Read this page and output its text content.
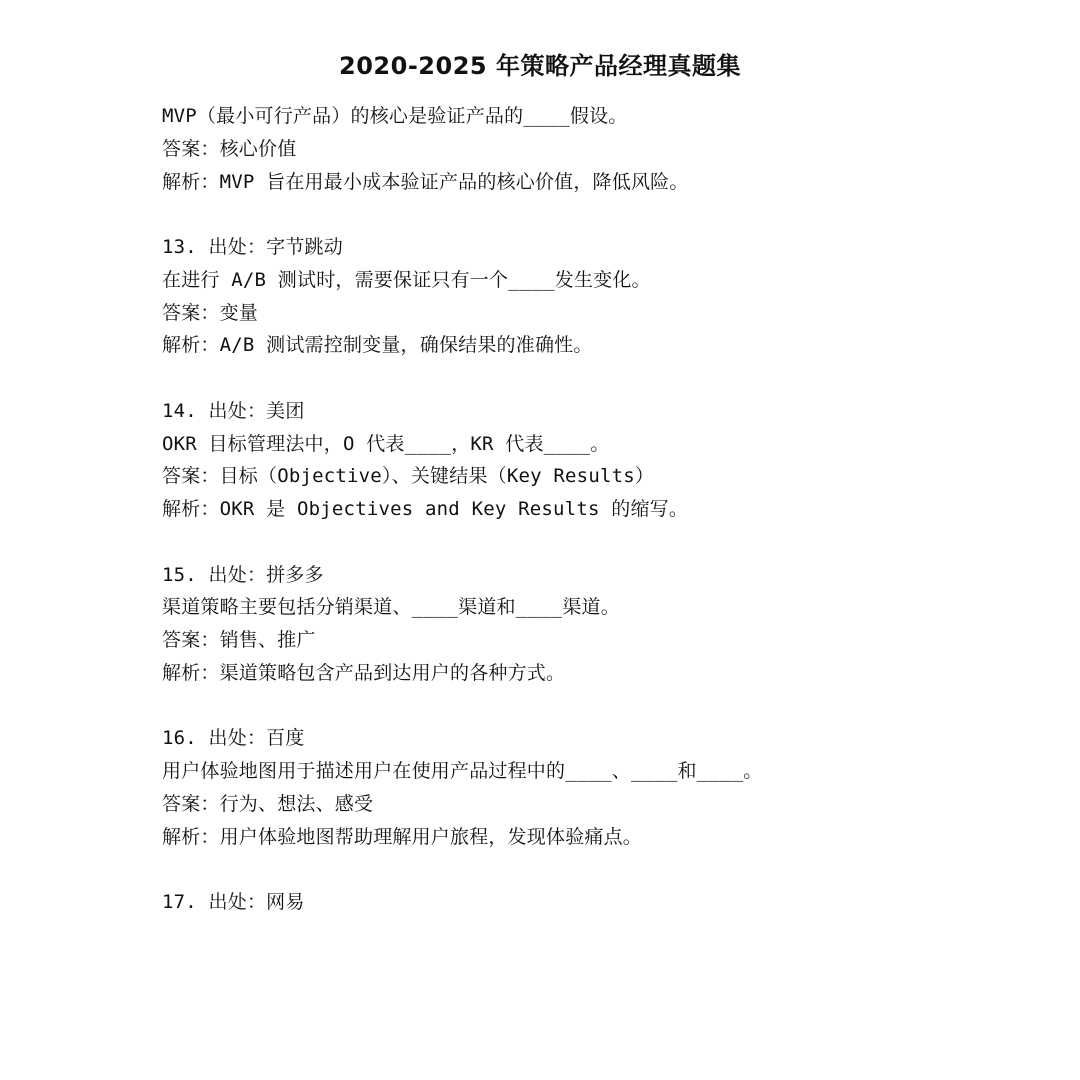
2020-2025 年策略产品经理真题集
MVP（最小可行产品）的核心是验证产品的____假设。
答案：核心价值
解析：MVP 旨在用最小成本验证产品的核心价值，降低风险。
13. 出处：字节跳动
在进行 A/B 测试时，需要保证只有一个____发生变化。
答案：变量
解析：A/B 测试需控制变量，确保结果的准确性。
14. 出处：美团
OKR 目标管理法中，O 代表____，KR 代表____。
答案：目标（Objective）、关键结果（Key Results）
解析：OKR 是 Objectives and Key Results 的缩写。
15. 出处：拼多多
渠道策略主要包括分销渠道、____渠道和____渠道。
答案：销售、推广
解析：渠道策略包含产品到达用户的各种方式。
16. 出处：百度
用户体验地图用于描述用户在使用产品过程中的____、____和____。
答案：行为、想法、感受
解析：用户体验地图帮助理解用户旅程，发现体验痛点。
17. 出处：网易
